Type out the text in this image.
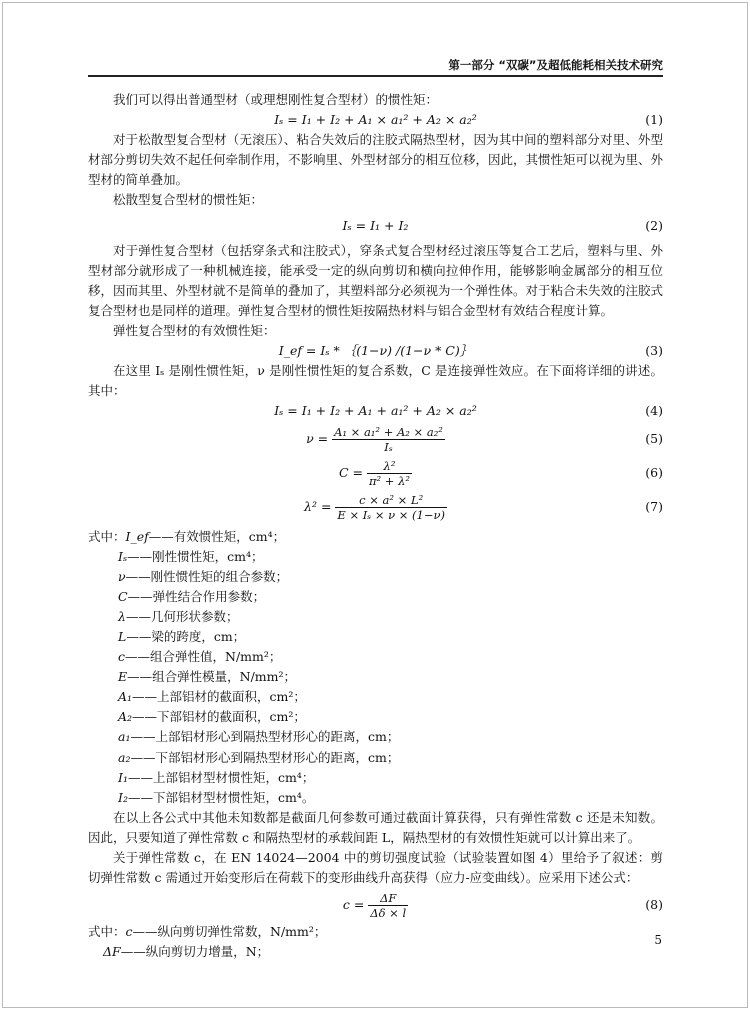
第一部分 “双碳”及超低能耗相关技术研究

我们可以得出普通型材（或理想刚性复合型材）的惯性矩：

Iₛ = I₁ + I₂ + A₁ × a₁² + A₂ × a₂²	(1)

对于松散型复合型材（无滚压）、粘合失效后的注胶式隔热型材，因为其中间的塑料部分对里、外型材部分剪切失效不起任何牵制作用，不影响里、外型材部分的相互位移，因此，其惯性矩可以视为里、外型材的简单叠加。

松散型复合型材的惯性矩：

Iₛ = I₁ + I₂	(2)

对于弹性复合型材（包括穿条式和注胶式），穿条式复合型材经过滚压等复合工艺后，塑料与里、外型材部分就形成了一种机械连接，能承受一定的纵向剪切和横向拉伸作用，能够影响金属部分的相互位移，因而其里、外型材就不是简单的叠加了，其塑料部分必须视为一个弹性体。对于粘合未失效的注胶式复合型材也是同样的道理。弹性复合型材的惯性矩按隔热材料与铝合金型材有效结合程度计算。

弹性复合型材的有效惯性矩：

I_ef = Iₛ * ｛(1−ν) /(1−ν * C)｝	(3)

在这里 Iₛ 是刚性惯性矩，ν 是刚性惯性矩的复合系数，C 是连接弹性效应。在下面将详细的讲述。其中：

Iₛ = I₁ + I₂ + A₁ + a₁² + A₂ × a₂²	(4)
$\nu = \frac{\text{A₁ × a₁² + A₂ × a₂²}}{\text{Iₛ}}$	(5)
$C = \frac{\text{λ²}}{\text{π² + λ²}}$	(6)
$\lambda^2 = \frac{\text{c × a² × L²}}{\text{E × Iₛ × ν × (1−ν)}}$	(7)

式中：I_ef——有效惯性矩，cm⁴；

Iₛ——刚性惯性矩，cm⁴；

ν——刚性惯性矩的组合参数；

C——弹性结合作用参数；

λ——几何形状参数；

L——梁的跨度，cm；

c——组合弹性值，N/mm²；

E——组合弹性模量，N/mm²；

A₁——上部铝材的截面积，cm²；

A₂——下部铝材的截面积，cm²；

a₁——上部铝材形心到隔热型材形心的距离，cm；

a₂——下部铝材形心到隔热型材形心的距离，cm；

I₁——上部铝材型材惯性矩，cm⁴；

I₂——下部铝材型材惯性矩，cm⁴。

在以上各公式中其他未知数都是截面几何参数可通过截面计算获得，只有弹性常数 c 还是未知数。因此，只要知道了弹性常数 c 和隔热型材的承载间距 L，隔热型材的有效惯性矩就可以计算出来了。

关于弹性常数 c，在 EN 14024—2004 中的剪切强度试验（试验装置如图 4）里给予了叙述：剪切弹性常数 c 需通过开始变形后在荷载下的变形曲线升高获得（应力-应变曲线）。应采用下述公式：

$c = \frac{\Delta F}{\Delta\delta \times l}$	(8)

式中：c——纵向剪切弹性常数，N/mm²；

ΔF——纵向剪切力增量，N；

5
